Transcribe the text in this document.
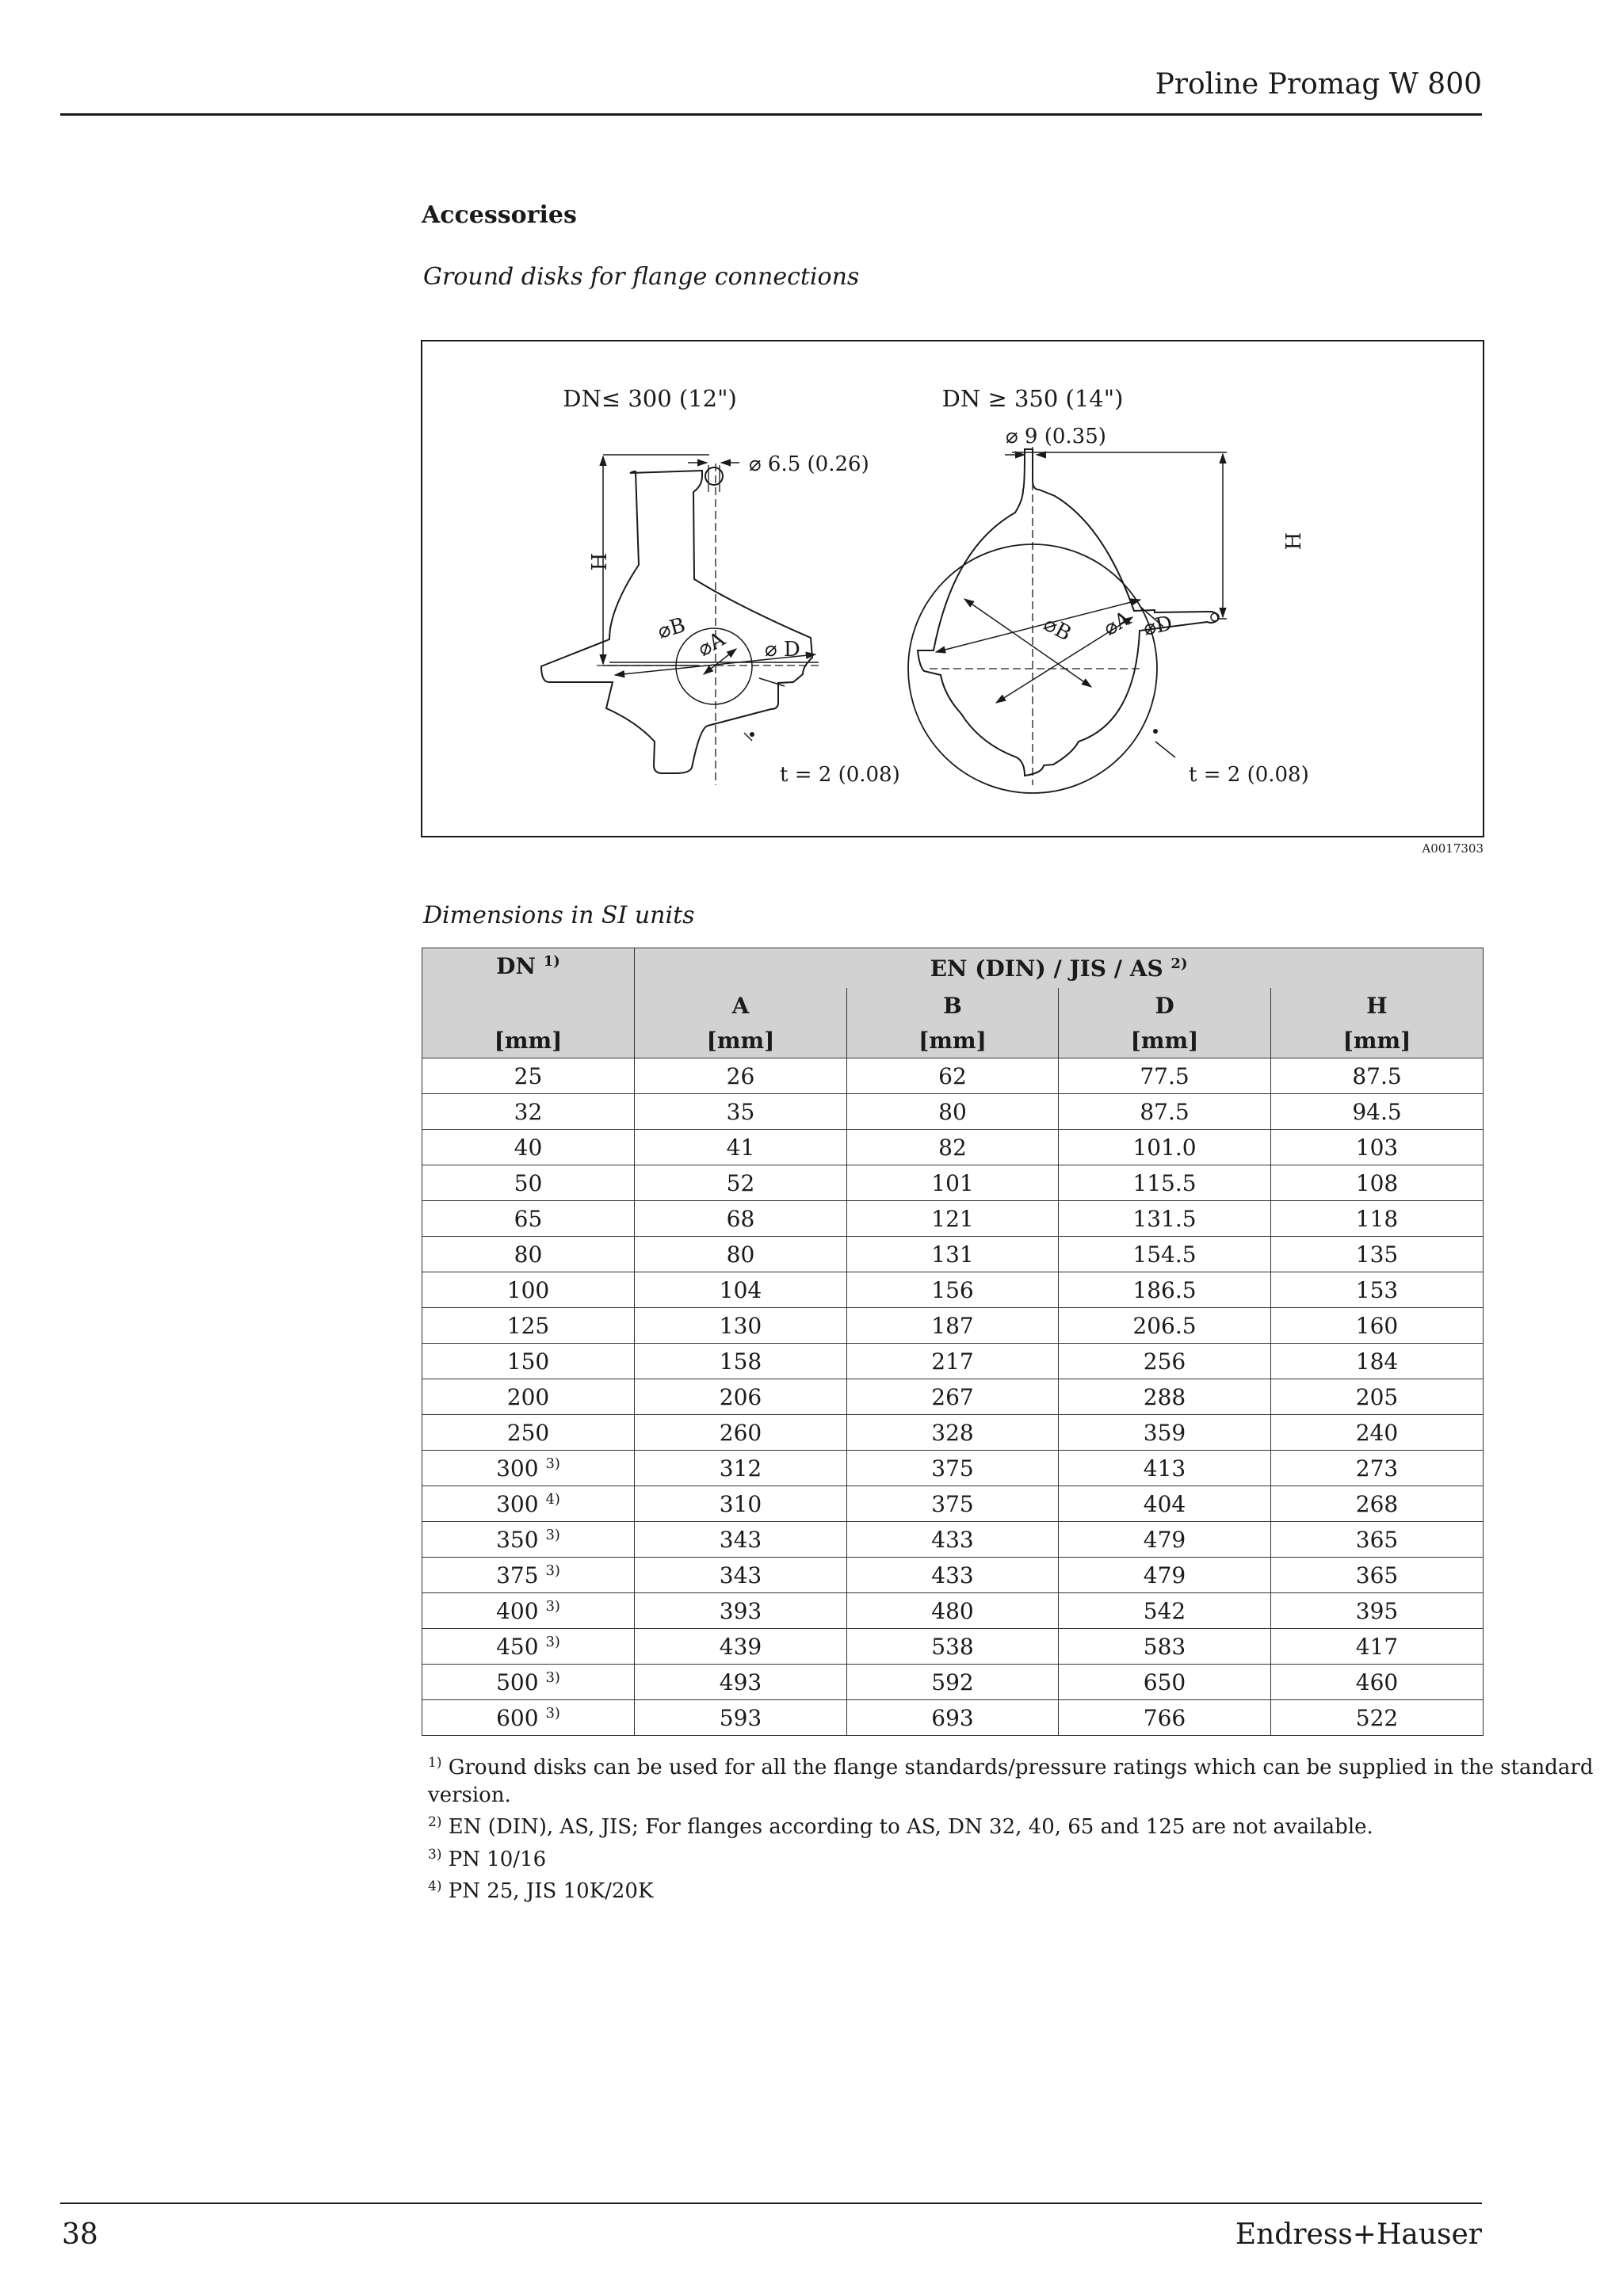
Proline Promag W 800
Accessories
Ground disks for flange connections
DN≤ 300 (12")
⌀ 6.5 (0.26)
H
⌀B ⌀A ⌀ D
t = 2 (0.08)
DN ≥ 350 (14")
⌀ 9 (0.35)
H
⌀B ⌀A ⌀D
t = 2 (0.08)
A0017303
Dimensions in SI units
DN $^{1)}$	EN (DIN) / JIS / AS $^{2)}$
	A	B	D	H
[mm]	[mm]	[mm]	[mm]	[mm]
25	26	62	77.5	87.5
32	35	80	87.5	94.5
40	41	82	101.0	103
50	52	101	115.5	108
65	68	121	131.5	118
80	80	131	154.5	135
100	104	156	186.5	153
125	130	187	206.5	160
150	158	217	256	184
200	206	267	288	205
250	260	328	359	240
300 $^{3)}$	312	375	413	273
300 $^{4)}$	310	375	404	268
350 $^{3)}$	343	433	479	365
375 $^{3)}$	343	433	479	365
400 $^{3)}$	393	480	542	395
450 $^{3)}$	439	538	583	417
500 $^{3)}$	493	592	650	460
600 $^{3)}$	593	693	766	522
$^{1)}$ Ground disks can be used for all the flange standards/pressure ratings which can be supplied in the standard version.
$^{2)}$ EN (DIN), AS, JIS; For flanges according to AS, DN 32, 40, 65 and 125 are not available.
$^{3)}$ PN 10/16
$^{4)}$ PN 25, JIS 10K/20K
38	Endress+Hauser
